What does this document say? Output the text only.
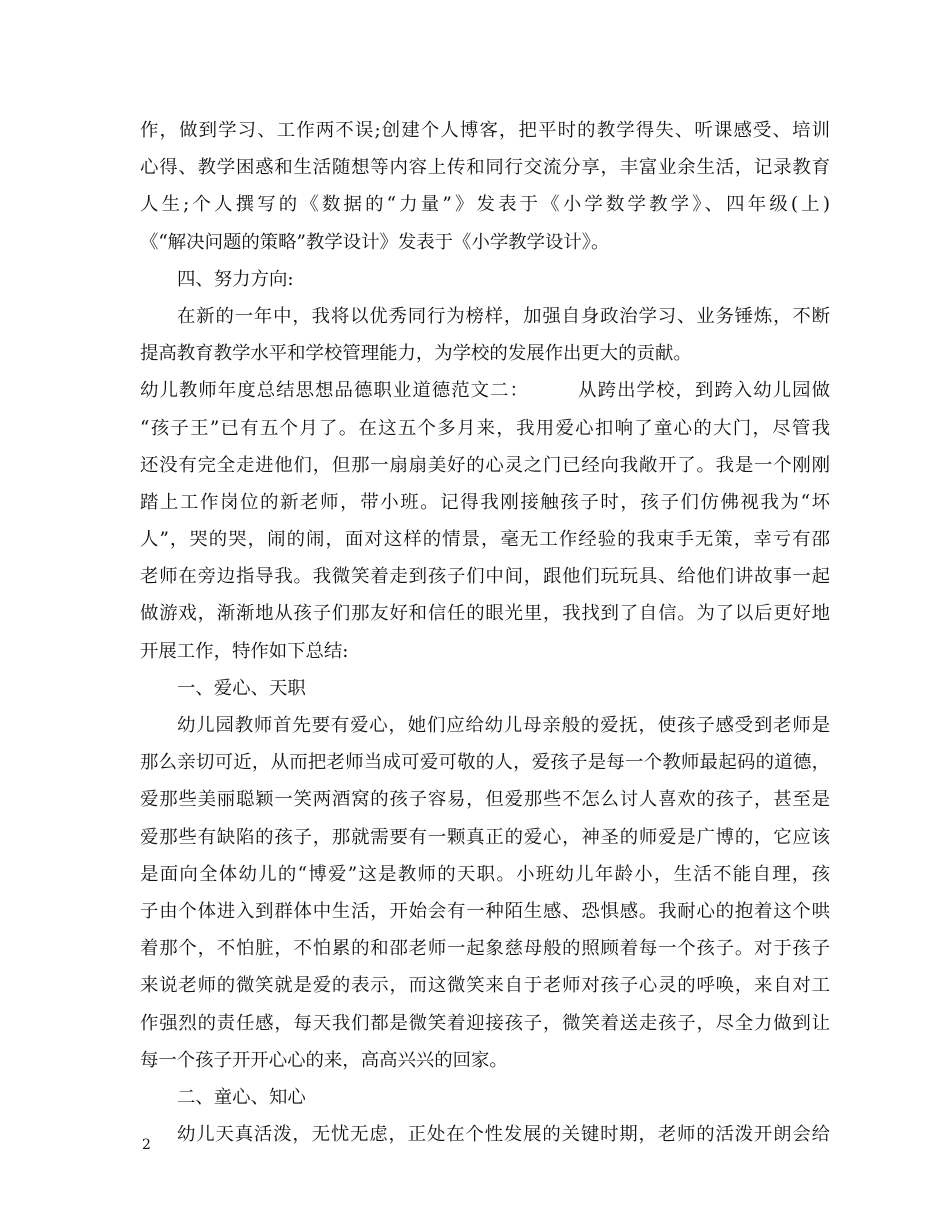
作，做到学习、工作两不误;创建个人博客，把平时的教学得失、听课感受、培训
心得、教学困惑和生活随想等内容上传和同行交流分享，丰富业余生活，记录教育
人生;个人撰写的《数据的“力量”》发表于《小学数学教学》、四年级(上)
《“解决问题的策略”教学设计》发表于《小学教学设计》。
四、努力方向:
在新的一年中，我将以优秀同行为榜样，加强自身政治学习、业务锤炼，不断
提高教育教学水平和学校管理能力，为学校的发展作出更大的贡献。
幼儿教师年度总结思想品德职业道德范文二：　　　从跨出学校，到跨入幼儿园做
“孩子王”已有五个月了。在这五个多月来，我用爱心扣响了童心的大门，尽管我
还没有完全走进他们，但那一扇扇美好的心灵之门已经向我敞开了。我是一个刚刚
踏上工作岗位的新老师，带小班。记得我刚接触孩子时，孩子们仿佛视我为“坏
人”，哭的哭，闹的闹，面对这样的情景，毫无工作经验的我束手无策，幸亏有邵
老师在旁边指导我。我微笑着走到孩子们中间，跟他们玩玩具、给他们讲故事一起
做游戏，渐渐地从孩子们那友好和信任的眼光里，我找到了自信。为了以后更好地
开展工作，特作如下总结:
一、爱心、天职
幼儿园教师首先要有爱心，她们应给幼儿母亲般的爱抚，使孩子感受到老师是
那么亲切可近，从而把老师当成可爱可敬的人，爱孩子是每一个教师最起码的道德，
爱那些美丽聪颖一笑两酒窝的孩子容易，但爱那些不怎么讨人喜欢的孩子，甚至是
爱那些有缺陷的孩子，那就需要有一颗真正的爱心，神圣的师爱是广博的，它应该
是面向全体幼儿的“博爱”这是教师的天职。小班幼儿年龄小，生活不能自理，孩
子由个体进入到群体中生活，开始会有一种陌生感、恐惧感。我耐心的抱着这个哄
着那个，不怕脏，不怕累的和邵老师一起象慈母般的照顾着每一个孩子。对于孩子
来说老师的微笑就是爱的表示，而这微笑来自于老师对孩子心灵的呼唤，来自对工
作强烈的责任感，每天我们都是微笑着迎接孩子，微笑着送走孩子，尽全力做到让
每一个孩子开开心心的来，高高兴兴的回家。
二、童心、知心
幼儿天真活泼，无忧无虑，正处在个性发展的关键时期，老师的活泼开朗会给
2
